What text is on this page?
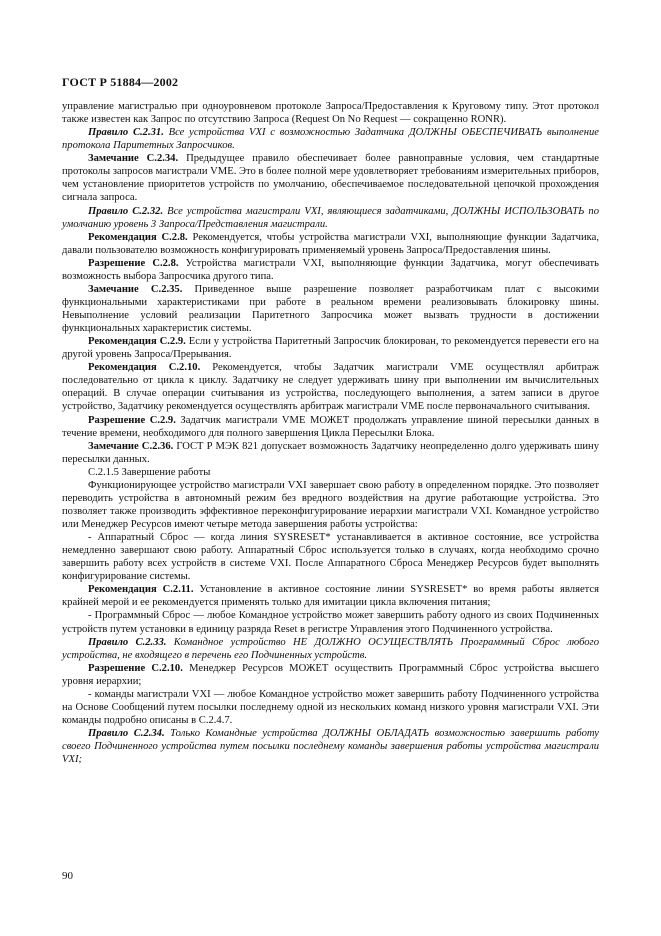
ГОСТ Р 51884—2002

управление магистралью при одноуровневом протоколе Запроса/Предоставления к Круговому типу. Этот протокол также известен как Запрос по отсутствию Запроса (Request On No Request — сокращенно RONR).

Правило С.2.31. Все устройства VXI с возможностью Задатчика ДОЛЖНЫ ОБЕСПЕЧИВАТЬ выполнение протокола Паритетных Запросчиков.

Замечание С.2.34. Предыдущее правило обеспечивает более равноправные условия, чем стандартные протоколы запросов магистрали VME. Это в более полной мере удовлетворяет требованиям измерительных приборов, чем установление приоритетов устройств по умолчанию, обеспечиваемое последовательной цепочкой прохождения сигнала запроса.

Правило С.2.32. Все устройства магистрали VXI, являющиеся задатчиками, ДОЛЖНЫ ИСПОЛЬЗОВАТЬ по умолчанию уровень 3 Запроса/Представления магистрали.

Рекомендация С.2.8. Рекомендуется, чтобы устройства магистрали VXI, выполняющие функции Задатчика, давали пользователю возможность конфигурировать применяемый уровень Запроса/Предоставления шины.

Разрешение С.2.8. Устройства магистрали VXI, выполняющие функции Задатчика, могут обеспечивать возможность выбора Запросчика другого типа.

Замечание С.2.35. Приведенное выше разрешение позволяет разработчикам плат с высокими функциональными характеристиками при работе в реальном времени реализовывать блокировку шины. Невыполнение условий реализации Паритетного Запросчика может вызвать трудности в достижении функциональных характеристик системы.

Рекомендация С.2.9. Если у устройства Паритетный Запросчик блокирован, то рекомендуется перевести его на другой уровень Запроса/Прерывания.

Рекомендация С.2.10. Рекомендуется, чтобы Задатчик магистрали VME осуществлял арбитраж последовательно от цикла к циклу. Задатчику не следует удерживать шину при выполнении им вычислительных операций. В случае операции считывания из устройства, последующего выполнения, а затем записи в другое устройство, Задатчику рекомендуется осуществлять арбитраж магистрали VME после первоначального считывания.

Разрешение С.2.9. Задатчик магистрали VME МОЖЕТ продолжать управление шиной пересылки данных в течение времени, необходимого для полного завершения Цикла Пересылки Блока.

Замечание С.2.36. ГОСТ Р МЭК 821 допускает возможность Задатчику неопределенно долго удерживать шину пересылки данных.

С.2.1.5 Завершение работы

Функционирующее устройство магистрали VXI завершает свою работу в определенном порядке. Это позволяет переводить устройства в автономный режим без вредного воздействия на другие работающие устройства. Это позволяет также производить эффективное переконфигурирование иерархии магистрали VXI. Командное устройство или Менеджер Ресурсов имеют четыре метода завершения работы устройства:

- Аппаратный Сброс — когда линия SYSRESET* устанавливается в активное состояние, все устройства немедленно завершают свою работу. Аппаратный Сброс используется только в случаях, когда необходимо срочно завершить работу всех устройств в системе VXI. После Аппаратного Сброса Менеджер Ресурсов будет выполнять конфигурирование системы.

Рекомендация С.2.11. Установление в активное состояние линии SYSRESET* во время работы является крайней мерой и ее рекомендуется применять только для имитации цикла включения питания;

- Программный Сброс — любое Командное устройство может завершить работу одного из своих Подчиненных устройств путем установки в единицу разряда Reset в регистре Управления этого Подчиненного устройства.

Правило С.2.33. Командное устройство НЕ ДОЛЖНО ОСУЩЕСТВЛЯТЬ Программный Сброс любого устройства, не входящего в перечень его Подчиненных устройств.

Разрешение С.2.10. Менеджер Ресурсов МОЖЕТ осуществить Программный Сброс устройства высшего уровня иерархии;

- команды магистрали VXI — любое Командное устройство может завершить работу Подчиненного устройства на Основе Сообщений путем посылки последнему одной из нескольких команд низкого уровня магистрали VXI. Эти команды подробно описаны в С.2.4.7.

Правило С.2.34. Только Командные устройства ДОЛЖНЫ ОБЛАДАТЬ возможностью завершить работу своего Подчиненного устройства путем посылки последнему команды завершения работы устройства магистрали VXI;

90
